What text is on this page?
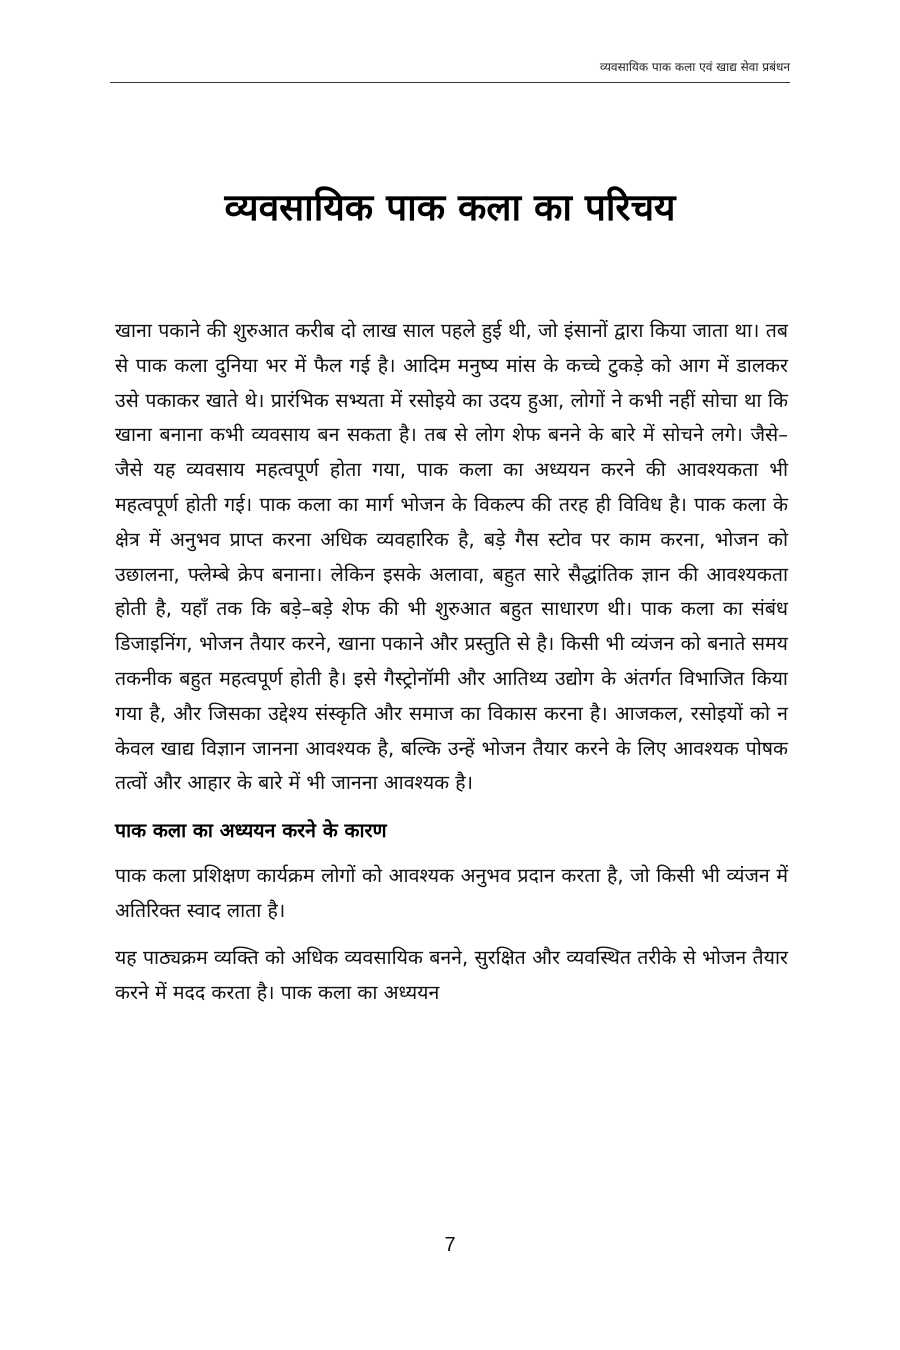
व्यवसायिक पाक कला एवं खाद्य सेवा प्रबंधन
व्यवसायिक पाक कला का परिचय

खाना पकाने की शुरुआत करीब दो लाख साल पहले हुई थी, जो इंसानों द्वारा किया जाता था। तब से पाक कला दुनिया भर में फैल गई है। आदिम मनुष्य मांस के कच्चे टुकड़े को आग में डालकर उसे पकाकर खाते थे। प्रारंभिक सभ्यता में रसोइये का उदय हुआ, लोगों ने कभी नहीं सोचा था कि खाना बनाना कभी व्यवसाय बन सकता है। तब से लोग शेफ बनने के बारे में सोचने लगे। जैसे–जैसे यह व्यवसाय महत्वपूर्ण होता गया, पाक कला का अध्ययन करने की आवश्यकता भी महत्वपूर्ण होती गई। पाक कला का मार्ग भोजन के विकल्प की तरह ही विविध है। पाक कला के क्षेत्र में अनुभव प्राप्त करना अधिक व्यवहारिक है, बड़े गैस स्टोव पर काम करना, भोजन को उछालना, फ्लेम्बे क्रेप बनाना। लेकिन इसके अलावा, बहुत सारे सैद्धांतिक ज्ञान की आवश्यकता होती है, यहाँ तक कि बड़े–बड़े शेफ की भी शुरुआत बहुत साधारण थी। पाक कला का संबंध डिजाइनिंग, भोजन तैयार करने, खाना पकाने और प्रस्तुति से है। किसी भी व्यंजन को बनाते समय तकनीक बहुत महत्वपूर्ण होती है। इसे गैस्ट्रोनॉमी और आतिथ्य उद्योग के अंतर्गत विभाजित किया गया है, और जिसका उद्देश्य संस्कृति और समाज का विकास करना है। आजकल, रसोइयों को न केवल खाद्य विज्ञान जानना आवश्यक है, बल्कि उन्हें भोजन तैयार करने के लिए आवश्यक पोषक तत्वों और आहार के बारे में भी जानना आवश्यक है।

पाक कला का अध्ययन करने के कारण

पाक कला प्रशिक्षण कार्यक्रम लोगों को आवश्यक अनुभव प्रदान करता है, जो किसी भी व्यंजन में अतिरिक्त स्वाद लाता है।

यह पाठ्यक्रम व्यक्ति को अधिक व्यवसायिक बनने, सुरक्षित और व्यवस्थित तरीके से भोजन तैयार करने में मदद करता है। पाक कला का अध्ययन

7
